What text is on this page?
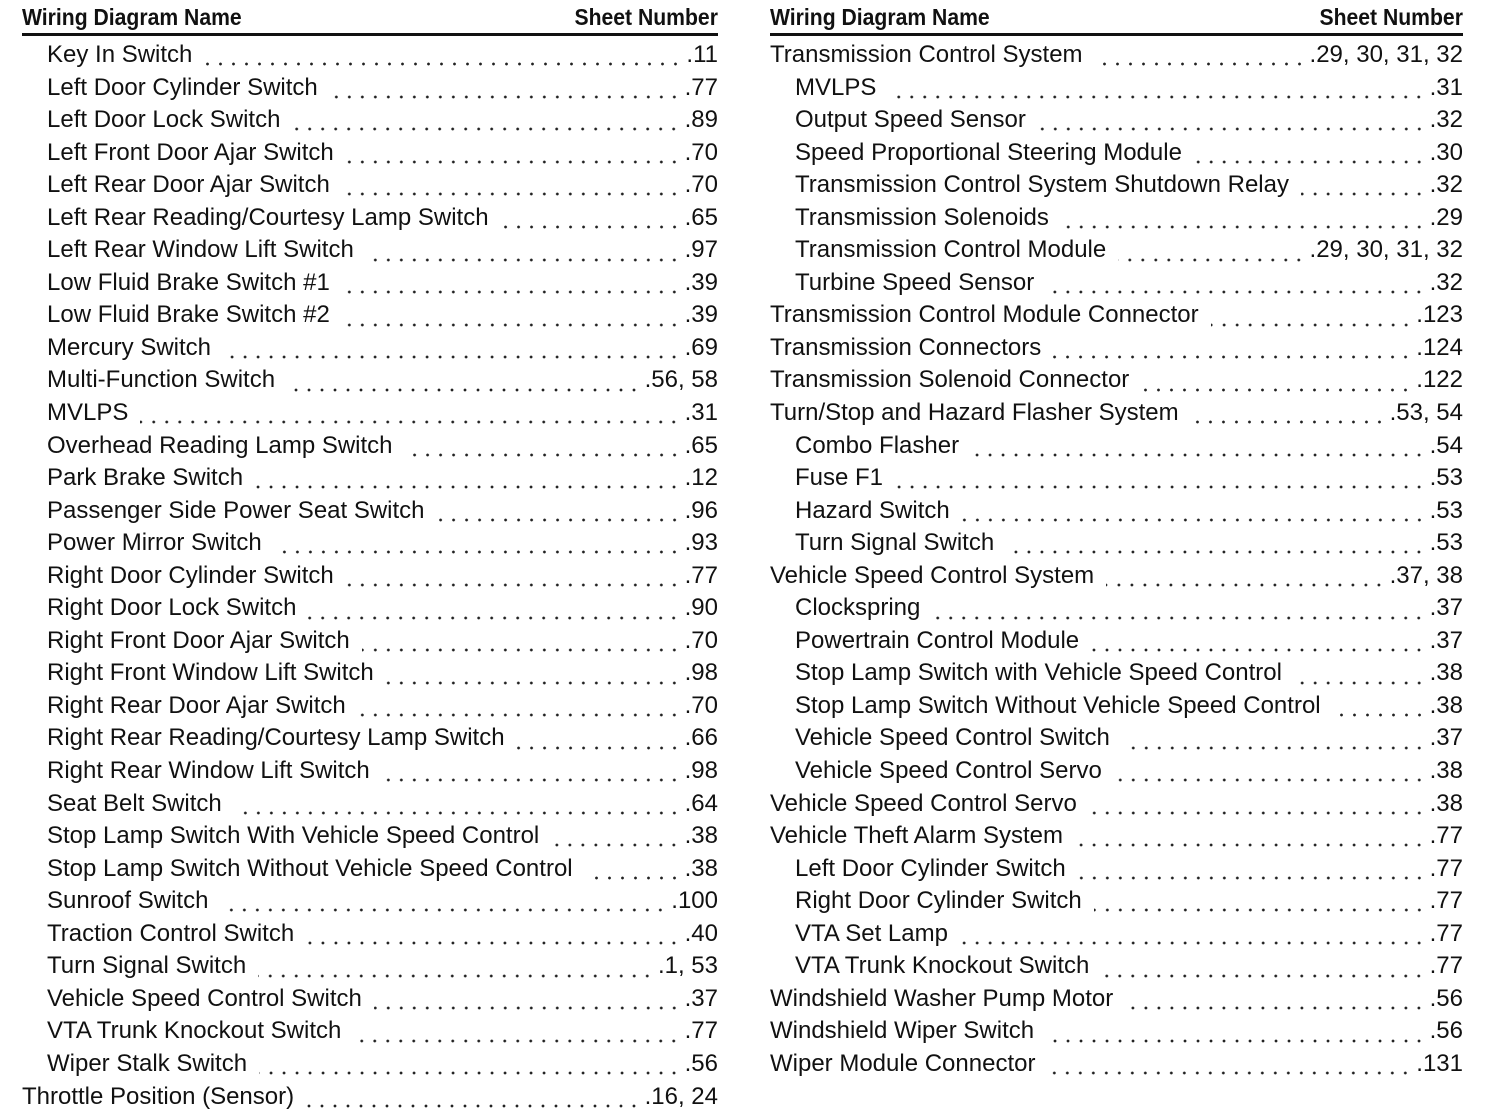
Wiring Diagram Name	Sheet Number
Key In Switch	.11
Left Door Cylinder Switch	.77
Left Door Lock Switch	.89
Left Front Door Ajar Switch	.70
Left Rear Door Ajar Switch	.70
Left Rear Reading/Courtesy Lamp Switch	.65
Left Rear Window Lift Switch	.97
Low Fluid Brake Switch #1	.39
Low Fluid Brake Switch #2	.39
Mercury Switch	.69
Multi-Function Switch	.56, 58
MVLPS	.31
Overhead Reading Lamp Switch	.65
Park Brake Switch	.12
Passenger Side Power Seat Switch	.96
Power Mirror Switch	.93
Right Door Cylinder Switch	.77
Right Door Lock Switch	.90
Right Front Door Ajar Switch	.70
Right Front Window Lift Switch	.98
Right Rear Door Ajar Switch	.70
Right Rear Reading/Courtesy Lamp Switch	.66
Right Rear Window Lift Switch	.98
Seat Belt Switch	.64
Stop Lamp Switch With Vehicle Speed Control	.38
Stop Lamp Switch Without Vehicle Speed Control	.38
Sunroof Switch	.100
Traction Control Switch	.40
Turn Signal Switch	.1, 53
Vehicle Speed Control Switch	.37
VTA Trunk Knockout Switch	.77
Wiper Stalk Switch	.56
Throttle Position (Sensor)	.16, 24
Wiring Diagram Name	Sheet Number
Transmission Control System	.29, 30, 31, 32
MVLPS	.31
Output Speed Sensor	.32
Speed Proportional Steering Module	.30
Transmission Control System Shutdown Relay	.32
Transmission Solenoids	.29
Transmission Control Module	.29, 30, 31, 32
Turbine Speed Sensor	.32
Transmission Control Module Connector	.123
Transmission Connectors	.124
Transmission Solenoid Connector	.122
Turn/Stop and Hazard Flasher System	.53, 54
Combo Flasher	.54
Fuse F1	.53
Hazard Switch	.53
Turn Signal Switch	.53
Vehicle Speed Control System	.37, 38
Clockspring	.37
Powertrain Control Module	.37
Stop Lamp Switch with Vehicle Speed Control	.38
Stop Lamp Switch Without Vehicle Speed Control	.38
Vehicle Speed Control Switch	.37
Vehicle Speed Control Servo	.38
Vehicle Speed Control Servo	.38
Vehicle Theft Alarm System	.77
Left Door Cylinder Switch	.77
Right Door Cylinder Switch	.77
VTA Set Lamp	.77
VTA Trunk Knockout Switch	.77
Windshield Washer Pump Motor	.56
Windshield Wiper Switch	.56
Wiper Module Connector	.131
